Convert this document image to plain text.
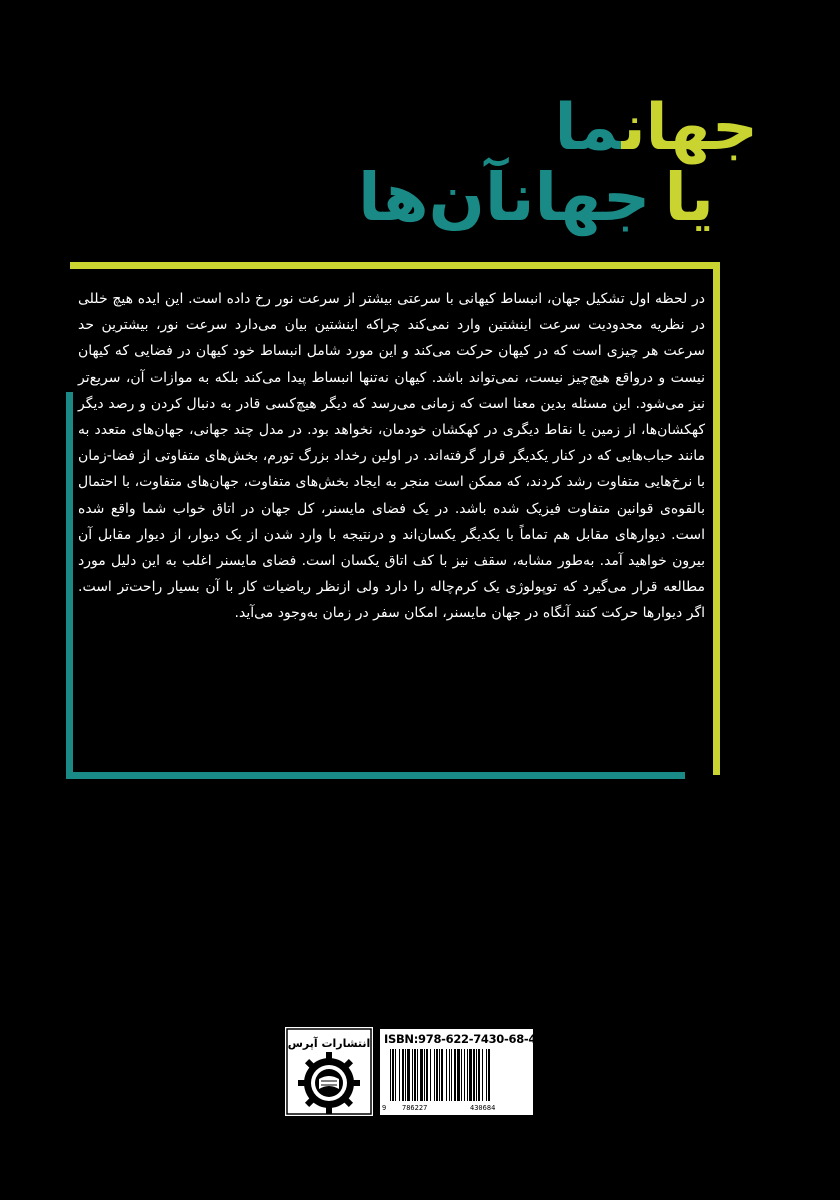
جهانما
یاجهانآن‌ها

در لحظه اول تشکیل جهان، انبساط کیهانی با سرعتی بیشتر از سرعت نور رخ داده است. این ایده هیچ خللی در نظریه محدودیت سرعت اینشتین وارد نمی‌کند چراکه اینشتین بیان می‌دارد سرعت نور، بیشترین حد سرعت هر چیزی است که در کیهان حرکت می‌کند و این مورد شامل انبساط خود کیهان در فضایی که کیهان نیست و درواقع هیچ‌چیز نیست، نمی‌تواند باشد. کیهان نه‌تنها انبساط پیدا می‌کند بلکه به موازات آن، سریع‌تر نیز می‌شود. این مسئله بدین معنا است که زمانی می‌رسد که دیگر هیچ‌کسی قادر به دنبال کردن و رصد دیگر کهکشان‌ها، از زمین یا نقاط دیگری در کهکشان خودمان، نخواهد بود. در مدل چند جهانی، جهان‌های متعدد به مانند حباب‌هایی که در کنار یکدیگر قرار گرفته‌اند. در اولین رخداد بزرگ تورم، بخش‌های متفاوتی از فضا-زمان با نرخ‌هایی متفاوت رشد کردند، که ممکن است منجر به ایجاد بخش‌های متفاوت، جهان‌های متفاوت، با احتمال بالقوه‌ی قوانین متفاوت فیزیک شده باشد. در یک فضای مایسنر، کل جهان در اتاق خواب شما واقع شده است. دیوارهای مقابل هم تماماً با یکدیگر یکسان‌اند و درنتیجه با وارد شدن از یک دیوار، از دیوار مقابل آن بیرون خواهید آمد. به‌طور مشابه، سقف نیز با کف اتاق یکسان است. فضای مایسنر اغلب به این دلیل مورد مطالعه قرار می‌گیرد که توپولوژی یک کرم‌چاله را دارد ولی ازنظر ریاضیات کار با آن بسیار راحت‌تر است. اگر دیوارها حرکت کنند آنگاه در جهان مایسنر، امکان سفر در زمان به‌وجود می‌آید.

انتشارات آپرس ISBN:978-622-7430-68-4
9 786227	430684
